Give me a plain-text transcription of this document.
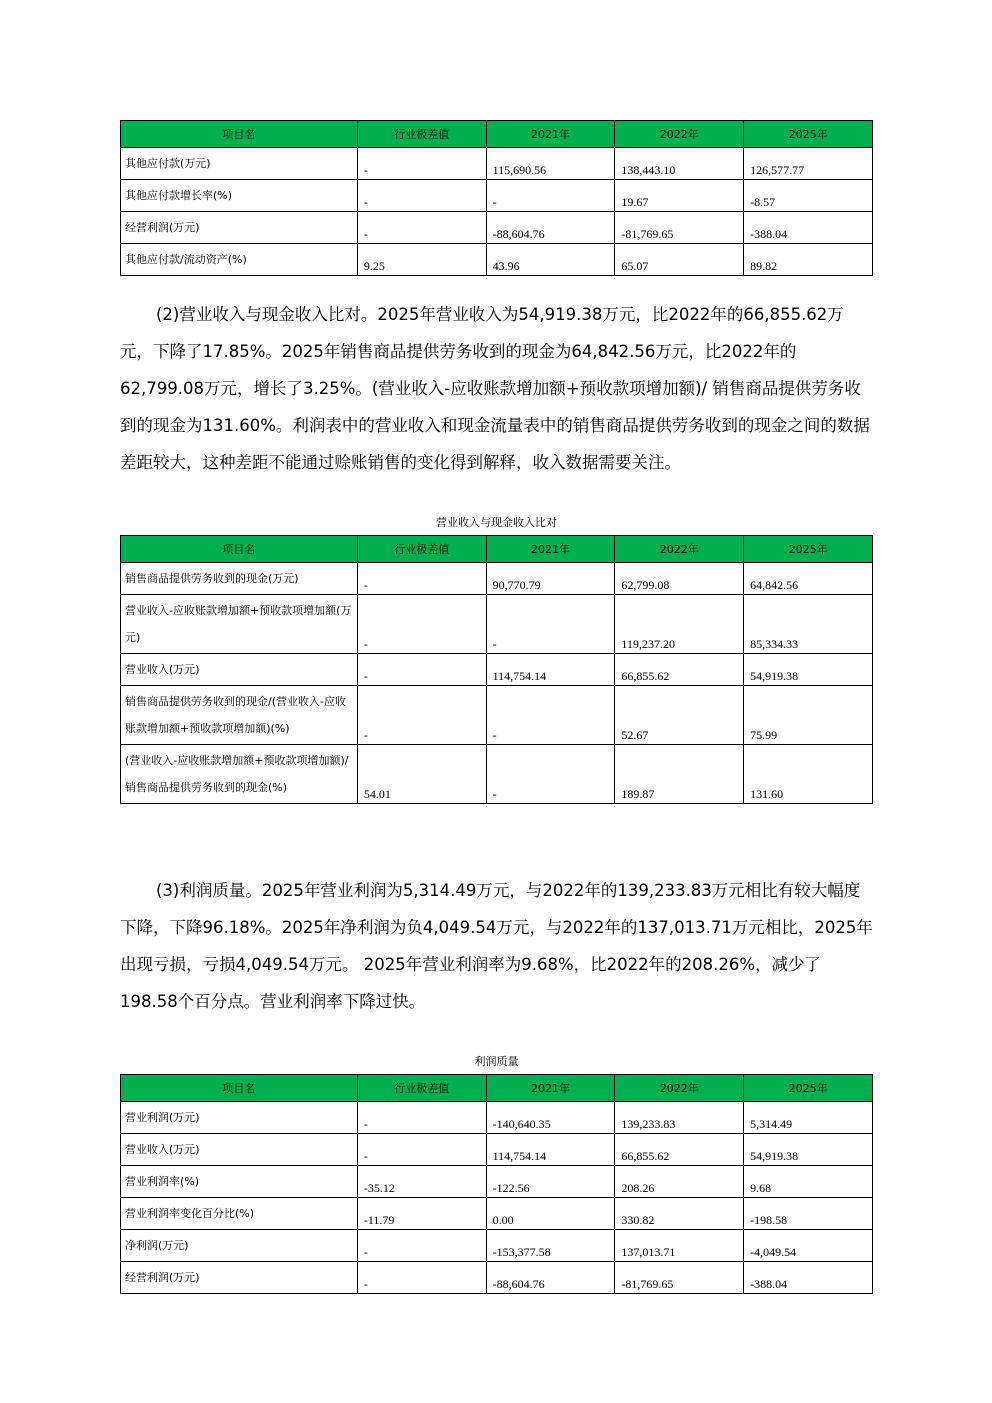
项目名	行业极差值	2021年	2022年	2025年
其他应付款(万元)	-	115,690.56	138,443.10	126,577.77
其他应付款增长率(%)	-	-	19.67	-8.57
经营利润(万元)	-	-88,604.76	-81,769.65	-388.04
其他应付款/流动资产(%)	9.25	43.96	65.07	89.82

(2)营业收入与现金收入比对。2025年营业收入为54,919.38万元，比2022年的66,855.62万元，下降了17.85%。2025年销售商品提供劳务收到的现金为64,842.56万元，比2022年的62,799.08万元，增长了3.25%。(营业收入-应收账款增加额+预收款项增加额)/ 销售商品提供劳务收到的现金为131.60%。利润表中的营业收入和现金流量表中的销售商品提供劳务收到的现金之间的数据差距较大，这种差距不能通过赊账销售的变化得到解释，收入数据需要关注。

营业收入与现金收入比对
项目名	行业极差值	2021年	2022年	2025年
销售商品提供劳务收到的现金(万元)	-	90,770.79	62,799.08	64,842.56
营业收入-应收账款增加额+预收款项增加额(万元)	-	-	119,237.20	85,334.33
营业收入(万元)	-	114,754.14	66,855.62	54,919.38
销售商品提供劳务收到的现金/(营业收入-应收账款增加额+预收款项增加额)(%)	-	-	52.67	75.99
(营业收入-应收账款增加额+预收款项增加额)/ 销售商品提供劳务收到的现金(%)	54.01	-	189.87	131.60

(3)利润质量。2025年营业利润为5,314.49万元，与2022年的139,233.83万元相比有较大幅度下降，下降96.18%。2025年净利润为负4,049.54万元，与2022年的137,013.71万元相比，2025年出现亏损，亏损4,049.54万元。 2025年营业利润率为9.68%，比2022年的208.26%，减少了198.58个百分点。营业利润率下降过快。

利润质量
项目名	行业极差值	2021年	2022年	2025年
营业利润(万元)	-	-140,640.35	139,233.83	5,314.49
营业收入(万元)	-	114,754.14	66,855.62	54,919.38
营业利润率(%)	-35.12	-122.56	208.26	9.68
营业利润率变化百分比(%)	-11.79	0.00	330.82	-198.58
净利润(万元)	-	-153,377.58	137,013.71	-4,049.54
经营利润(万元)	-	-88,604.76	-81,769.65	-388.04
